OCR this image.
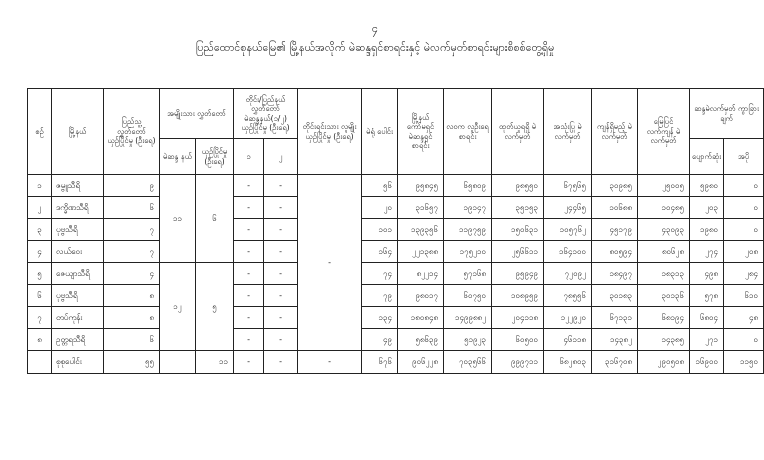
၄
ပြည်ထောင်စုနယ်မြေ၏ မြို့နယ်အလိုက် မဲဆန္ဒရှင်စာရင်းနှင့် မဲလက်မှတ်စာရင်းများစိစစ်တွေ့ရှိမှု
စဉ်	မြို့နယ်	ပြည်သူ့ လွှတ်တော် ယှဉ်ပြိုင်မှု (ဦးရေ)	အမျိုးသား လွှတ်တော်		တိုင်း/ပြည်နယ် လွှတ်တော် မဲဆန္ဒနယ်(၁/၂) ယှဉ်ပြိုင်မှု (ဦးရေ)		တိုင်းရင်းသား လူမျိုး ယှဉ်ပြိုင်မှု (ဦးရေ)	မဲရုံ ပေါင်း	မြို့နယ် ကော်မရှင် မဲဆန္ဒရှင် စာရင်း	လဝက လူဦးရေ စာရင်း	ထုတ်ယူရရှိ မဲလက်မှတ်	အသုံးပြု မဲလက်မှတ်	ကျန်ရှိမည့် မဲလက်မှတ်	မြေပြင် လက်ကျန် မဲလက်မှတ်	ဆန္ဒမဲလက်မှတ် ကွာခြားချက်	
			မဲဆန္ဒ နယ်	ယှဉ်ပြိုင်မှု (ဦးရေ)	၁	၂									ပျောက်ဆုံး	အပို
၁	ဇမ္ဗူသီရိ	၉	၁၁	၆	-	-	-	၅၆	၉၅၈၄၅	၆၅၈၀၉	၉၈၅၅၀	၆၇၅၆၅	၃၀၉၈၅	၂၅၀၀၅	၅၉၈၀	၀
၂	ဒက္ခိဏသီရိ	၆			-	-		၂၀	၃၁၆၅၇	၁၉၁၄၇	၃၅၁၅၃	၂၄၄၆၅	၁၀၆၈၈	၁၀၄၈၅	၂၀၃	၀
၃	ပုဗ္ဗသီရိ	၇			-	-		၁၀၁	၁၃၉၃၅၆	၁၁၉၇၅၉	၁၅၀၆၃၁	၁၀၅၇၆၂	၄၅၁၇၉	၄၃၀၉၃	၁၉၈၀	၀
၄	လယ်ဝေး	၇			-	-		၁၆၄	၂၂၁၃၈၈	၁၇၅၂၁၀	၂၅၆၆၁၁	၁၆၄၁၀၀	၈၀၅၉၄	၈၀၆၂၈	၂၇၄	၂၀၈
၅	ဇေယျာသီရိ	၄	၁၂	၅	-	-		၇၄	၈၂၂၁၄	၅၇၁၆၈	၉၅၉၄၉	၇၂၀၉၂	၁၈၄၉၇	၁၈၃၁၃	၄၉၈	၂၈၄
၆	ပုဗ္ဗသီရိ	၈			-	-		၇၉	၉၈၀၁၇	၆၀၇၅၀	၁၀၈၉၅၉	၇၈၅၅၆	၃၀၁၈၃	၃၀၁၃၆	၅၇၈	၆၁၀
၇	တပ်ကုန်း	၈			-	-		၁၃၄	၁၈၀၈၄၈	၁၄၉၉၈၈၂	၂၀၄၁၁၈	၁၂၂၉၂၀	၆၇၁၃၁	၆၈၁၉၄	၆၈၀၄	၄၈
၈	ဥတ္တရသီရိ	၆			-	-		၄၉	၅၈၆၃၉	၅၁၉၂၃	၆၀၅၀၀	၄၆၁၁၈	၁၄၃၈၂	၁၄၃၈၅	၂၇၁	၀
	စုစုပေါင်း	၅၅		၁၁	-	-	-	၆၇၆	၉၀၆၂၂၈	၇၀၃၅၆၆	၉၉၉၇၁၁	၆၈၂၈၀၃	၃၁၆၇၀၈	၂၉၀၅၀၈	၁၆၉၀၀	၁၁၅၀
